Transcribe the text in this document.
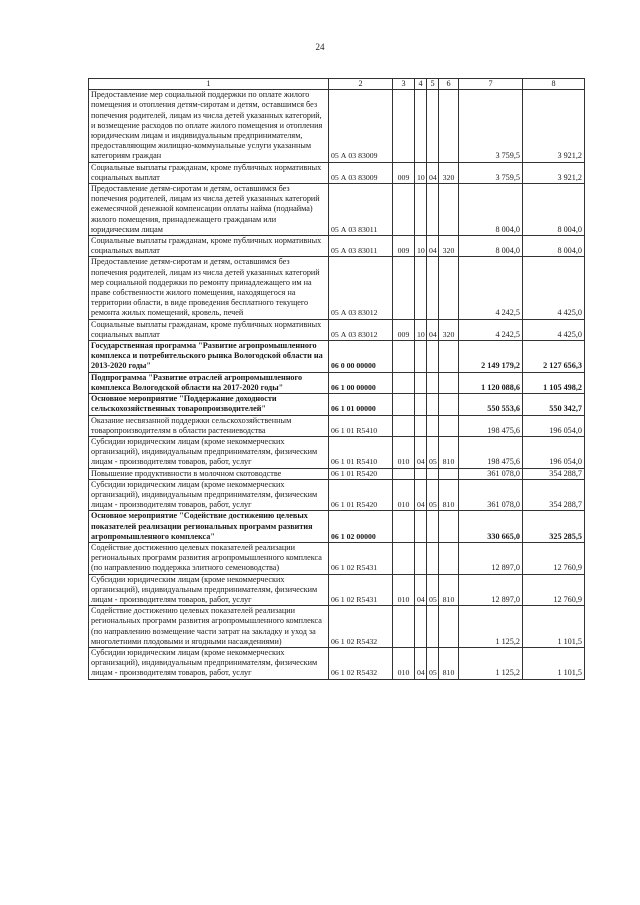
24
1	2	3	4	5	6	7	8
Предоставление мер социальной поддержки по оплате жилого помещения и отопления детям-сиротам и детям, оставшимся без попечения родителей, лицам из числа детей указанных категорий, и возмещение расходов по оплате жилого помещения и отопления юридическим лицам и индивидуальным предпринимателям, предоставляющим жилищно-коммунальные услуги указанным категориям граждан	05 А 03 83009					3 759,5	3 921,2
Социальные выплаты гражданам, кроме публичных нормативных социальных выплат	05 А 03 83009	009	10	04	320	3 759,5	3 921,2
Предоставление детям-сиротам и детям, оставшимся без попечения родителей, лицам из числа детей указанных категорий ежемесячной денежной компенсации оплаты найма (поднайма) жилого помещения, принадлежащего гражданам или юридическим лицам	05 А 03 83011					8 004,0	8 004,0
Социальные выплаты гражданам, кроме публичных нормативных социальных выплат	05 А 03 83011	009	10	04	320	8 004,0	8 004,0
Предоставление детям-сиротам и детям, оставшимся без попечения родителей, лицам из числа детей указанных категорий мер социальной поддержки по ремонту принадлежащего им на праве собственности жилого помещения, находящегося на территории области, в виде проведения бесплатного текущего ремонта жилых помещений, кровель, печей	05 А 03 83012					4 242,5	4 425,0
Социальные выплаты гражданам, кроме публичных нормативных социальных выплат	05 А 03 83012	009	10	04	320	4 242,5	4 425,0
Государственная программа "Развитие агропромышленного комплекса и потребительского рынка Вологодской области на 2013-2020 годы"	06 0 00 00000					2 149 179,2	2 127 656,3
Подпрограмма "Развитие отраслей агропромышленного комплекса Вологодской области на 2017-2020 годы"	06 1 00 00000					1 120 088,6	1 105 498,2
Основное мероприятие "Поддержание доходности сельскохозяйственных товаропроизводителей"	06 1 01 00000					550 553,6	550 342,7
Оказание несвязанной поддержки сельскохозяйственным товаропроизводителям в области растениеводства	06 1 01 R5410					198 475,6	196 054,0
Субсидии юридическим лицам (кроме некоммерческих организаций), индивидуальным предпринимателям, физическим лицам - производителям товаров, работ, услуг	06 1 01 R5410	010	04	05	810	198 475,6	196 054,0
Повышение продуктивности в молочном скотоводстве	06 1 01 R5420					361 078,0	354 288,7
Субсидии юридическим лицам (кроме некоммерческих организаций), индивидуальным предпринимателям, физическим лицам - производителям товаров, работ, услуг	06 1 01 R5420	010	04	05	810	361 078,0	354 288,7
Основное мероприятие "Содействие достижению целевых показателей реализации региональных программ развития агропромышленного комплекса"	06 1 02 00000					330 665,0	325 285,5
Содействие достижению целевых показателей реализации региональных программ развития агропромышленного комплекса (по направлению поддержка элитного семеноводства)	06 1 02 R5431					12 897,0	12 760,9
Субсидии юридическим лицам (кроме некоммерческих организаций), индивидуальным предпринимателям, физическим лицам - производителям товаров, работ, услуг	06 1 02 R5431	010	04	05	810	12 897,0	12 760,9
Содействие достижению целевых показателей реализации региональных программ развития агропромышленного комплекса (по направлению возмещение части затрат на закладку и уход за многолетними плодовыми и ягодными насаждениями)	06 1 02 R5432					1 125,2	1 101,5
Субсидии юридическим лицам (кроме некоммерческих организаций), индивидуальным предпринимателям, физическим лицам - производителям товаров, работ, услуг	06 1 02 R5432	010	04	05	810	1 125,2	1 101,5
